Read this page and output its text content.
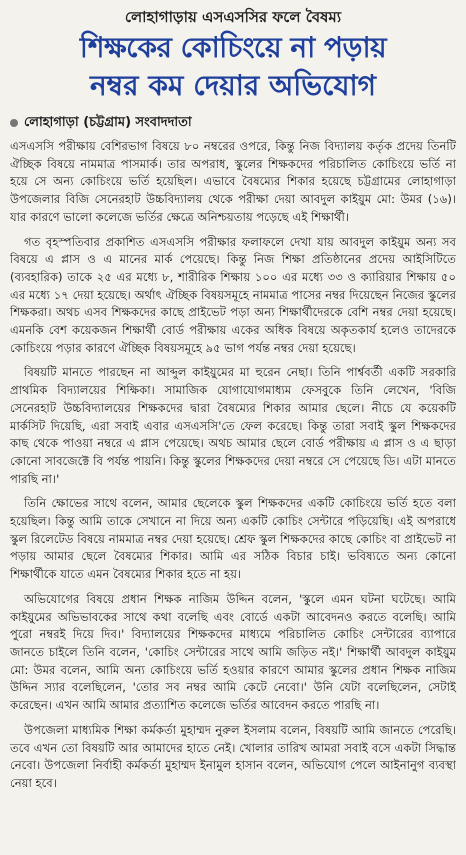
লোহাগাড়ায় এসএসসির ফলে বৈষম্য
শিক্ষকের কোচিংয়ে না পড়ায়
নম্বর কম দেয়ার অভিযোগ
লোহাগাড়া (চট্টগ্রাম) সংবাদদাতা

এসএসসি পরীক্ষায় বেশিরভাগ বিষয়ে ৮০ নম্বরের ওপরে, কিন্তু নিজ বিদ্যালয় কর্তৃক প্রদেয় তিনটি ঐচ্ছিক বিষয়ে নামমাত্র পাসমার্ক। তার অপরাধ, স্কুলের শিক্ষকদের পরিচালিত কোচিংয়ে ভর্তি না হয়ে সে অন্য কোচিংয়ে ভর্তি হয়েছিল। এভাবে বৈষম্যের শিকার হয়েছে চট্টগ্রামের লোহাগাড়া উপজেলার বিজি সেনেরহাট উচ্চবিদ্যালয় থেকে পরীক্ষা দেয়া আবদুল কাইয়ুম মো: উমর (১৬)। যার কারণে ভালো কলেজে ভর্তির ক্ষেত্রে অনিশ্চয়তায় পড়েছে এই শিক্ষার্থী।

গত বৃহস্পতিবার প্রকাশিত এসএসসি পরীক্ষার ফলাফলে দেখা যায় আবদুল কাইয়ুম অন্য সব বিষয়ে এ প্লাস ও এ মানের মার্ক পেয়েছে। কিন্তু নিজ শিক্ষা প্রতিষ্ঠানের প্রদেয় আইসিটিতে (ব্যবহারিক) তাকে ২৫ এর মধ্যে ৮, শারীরিক শিক্ষায় ১০০ এর মধ্যে ৩৩ ও ক্যারিয়ার শিক্ষায় ৫০ এর মধ্যে ১৭ দেয়া হয়েছে। অর্থাৎ ঐচ্ছিক বিষয়সমূহে নামমাত্র পাসের নম্বর দিয়েছেন নিজের স্কুলের শিক্ষকরা। অথচ এসব শিক্ষকদের কাছে প্রাইভেট পড়া অন্য শিক্ষার্থীদেরকে বেশি নম্বর দেয়া হয়েছে। এমনকি বেশ কয়েকজন শিক্ষার্থী বোর্ড পরীক্ষায় একের অধিক বিষয়ে অকৃতকার্য হলেও তাদেরকে কোচিংয়ে পড়ার কারণে ঐচ্ছিক বিষয়সমূহে ৯৫ ভাগ পর্যন্ত নম্বর দেয়া হয়েছে।

বিষয়টি মানতে পারছেন না আব্দুল কাইয়ুমের মা হুরেন নেছা। তিনি পার্শ্ববর্তী একটি সরকারি প্রাথমিক বিদ্যালয়ের শিক্ষিকা। সামাজিক যোগাযোগমাধ্যম ফেসবুকে তিনি লেখেন, 'বিজি সেনেরহাট উচ্চবিদ্যালয়ের শিক্ষকদের দ্বারা বৈষম্যের শিকার আমার ছেলে। নীচে যে কয়েকটি মার্কসিট দিয়েছি, এরা সবাই এবার এসএসসি'তে ফেল করেছে। কিন্তু তারা সবাই স্কুল শিক্ষকদের কাছ থেকে পাওয়া নম্বরে এ প্লাস পেয়েছে। অথচ আমার ছেলে বোর্ড পরীক্ষায় এ প্লাস ও এ ছাড়া কোনো সাবজেক্টে বি পর্যন্ত পায়নি। কিন্তু স্কুলের শিক্ষকদের দেয়া নম্বরে সে পেয়েছে ডি। এটা মানতে পারছি না।'

তিনি ক্ষোভের সাথে বলেন, আমার ছেলেকে স্কুল শিক্ষকদের একটি কোচিংয়ে ভর্তি হতে বলা হয়েছিল। কিন্তু আমি তাকে সেখানে না দিয়ে অন্য একটি কোচিং সেন্টারে পড়িয়েছি। এই অপরাধে স্কুল রিলেটেড বিষয়ে নামমাত্র নম্বর দেয়া হয়েছে। শ্রেফ স্কুল শিক্ষকদের কাছে কোচিং বা প্রাইভেট না পড়ায় আমার ছেলে বৈষম্যের শিকার। আমি এর সঠিক বিচার চাই। ভবিষ্যতে অন্য কোনো শিক্ষার্থীকে যাতে এমন বৈষম্যের শিকার হতে না হয়।

অভিযোগের বিষয়ে প্রধান শিক্ষক নাজিম উদ্দিন বলেন, 'স্কুলে এমন ঘটনা ঘটেছে। আমি কাইয়ুমের অভিভাবকের সাথে কথা বলেছি এবং বোর্ডে একটা আবেদনও করতে বলেছি। আমি পুরো নম্বরই দিয়ে দিব।' বিদ্যালয়ের শিক্ষকদের মাধ্যমে পরিচালিত কোচিং সেন্টারের ব্যাপারে জানতে চাইলে তিনি বলেন, 'কোচিং সেন্টারের সাথে আমি জড়িত নই।' শিক্ষার্থী আবদুল কাইয়ুম মো: উমর বলেন, আমি অন্য কোচিংয়ে ভর্তি হওয়ার কারণে আমার স্কুলের প্রধান শিক্ষক নাজিম উদ্দিন স্যার বলেছিলেন, 'তোর সব নম্বর আমি কেটে নেবো।' উনি যেটা বলেছিলেন, সেটাই করেছেন। এখন আমি আমার প্রত্যাশিত কলেজে ভর্তির আবেদন করতে পারছি না।

উপজেলা মাধ্যমিক শিক্ষা কর্মকর্তা মুহাম্মদ নুরুল ইসলাম বলেন, বিষয়টি আমি জানতে পেরেছি। তবে এখন তো বিষয়টি আর আমাদের হাতে নেই। খোলার তারিখ আমরা সবাই বসে একটা সিদ্ধান্ত নেবো। উপজেলা নির্বাহী কর্মকর্তা মুহাম্মদ ইনামুল হাসান বলেন, অভিযোগ পেলে আইনানুগ ব্যবস্থা নেয়া হবে।
